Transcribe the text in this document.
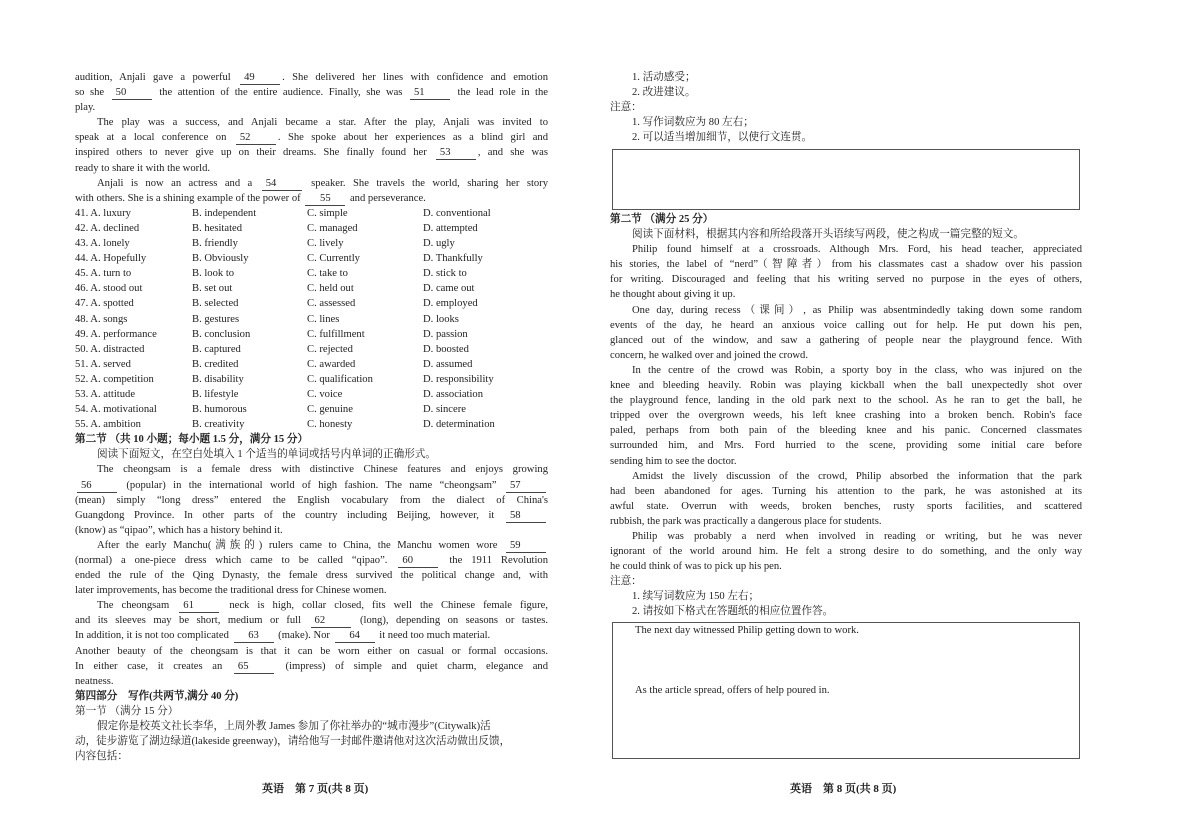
audition, Anjali gave a powerful 49	. She delivered her lines with confidence and emotion
so she 50	the attention of the entire audience. Finally, she was 51	the lead role in the
play.
The play was a success, and Anjali became a star. After the play, Anjali was invited to
speak at a local conference on 52	. She spoke about her experiences as a blind girl and
inspired others to never give up on their dreams. She finally found her 53	, and she was
ready to share it with the world.
Anjali is now an actress and a 54	speaker. She travels the world, sharing her story
with others. She is a shining example of the power of 55 and perseverance.
41. A. luxury	B. independent	C. simple	D. conventional
42. A. declined	B. hesitated	C. managed	D. attempted
43. A. lonely	B. friendly	C. lively	D. ugly
44. A. Hopefully	B. Obviously	C. Currently	D. Thankfully
45. A. turn to	B. look to	C. take to	D. stick to
46. A. stood out	B. set out	C. held out	D. came out
47. A. spotted	B. selected	C. assessed	D. employed
48. A. songs	B. gestures	C. lines	D. looks
49. A. performance	B. conclusion	C. fulfillment	D. passion
50. A. distracted	B. captured	C. rejected	D. boosted
51. A. served	B. credited	C. awarded	D. assumed
52. A. competition	B. disability	C. qualification	D. responsibility
53. A. attitude	B. lifestyle	C. voice	D. association
54. A. motivational	B. humorous	C. genuine	D. sincere
55. A. ambition	B. creativity	C. honesty	D. determination
第二节 （共 10 小题；每小题 1.5 分，满分 15 分）
阅读下面短文，在空白处填入 1 个适当的单词或括号内单词的正确形式。
The cheongsam is a female dress with distinctive Chinese features and enjoys growing
56	(popular) in the international world of high fashion. The name “cheongsam” 57
(mean) simply “long dress” entered the English vocabulary from the dialect of China's
Guangdong Province. In other parts of the country including Beijing, however, it 58
(know) as “qipao”, which has a history behind it.
After the early Manchu(满族的) rulers came to China, the Manchu women wore 59
(normal) a one-piece dress which came to be called “qipao”. 60	the 1911 Revolution
ended the rule of the Qing Dynasty, the female dress survived the political change and, with
later improvements, has become the traditional dress for Chinese women.
The cheongsam 61	neck is high, collar closed, fits well the Chinese female figure,
and its sleeves may be short, medium or full 62	(long), depending on seasons or tastes.
In addition, it is not too complicated 63 (make). Nor 64 it need too much material.
Another beauty of the cheongsam is that it can be worn either on casual or formal occasions.
In either case, it creates an 65	(impress) of simple and quiet charm, elegance and
neatness.
第四部分　写作(共两节,满分 40 分)
第一节 （满分 15 分）
假定你是校英文社长李华，上周外教 James 参加了你社举办的“城市漫步”(Citywalk)活
动，徒步游览了湖边绿道(lakeside greenway)，请给他写一封邮件邀请他对这次活动做出反馈，
内容包括：
英语　第 7 页(共 8 页)
1. 活动感受；
2. 改进建议。
注意：
1. 写作词数应为 80 左右；
2. 可以适当增加细节，以使行文连贯。
第二节 （满分 25 分）
阅读下面材料，根据其内容和所给段落开头语续写两段，使之构成一篇完整的短文。
Philip found himself at a crossroads. Although Mrs. Ford, his head teacher, appreciated
his stories, the label of “nerd”（智障者）from his classmates cast a shadow over his passion
for writing. Discouraged and feeling that his writing served no purpose in the eyes of others,
he thought about giving it up.
One day, during recess（课间）, as Philip was absentmindedly taking down some random
events of the day, he heard an anxious voice calling out for help. He put down his pen,
glanced out of the window, and saw a gathering of people near the playground fence. With
concern, he walked over and joined the crowd.
In the centre of the crowd was Robin, a sporty boy in the class, who was injured on the
knee and bleeding heavily. Robin was playing kickball when the ball unexpectedly shot over
the playground fence, landing in the old park next to the school. As he ran to get the ball, he
tripped over the overgrown weeds, his left knee crashing into a broken bench. Robin's face
paled, perhaps from both pain of the bleeding knee and his panic. Concerned classmates
surrounded him, and Mrs. Ford hurried to the scene, providing some initial care before
sending him to see the doctor.
Amidst the lively discussion of the crowd, Philip absorbed the information that the park
had been abandoned for ages. Turning his attention to the park, he was astonished at its
awful state. Overrun with weeds, broken benches, rusty sports facilities, and scattered
rubbish, the park was practically a dangerous place for students.
Philip was probably a nerd when involved in reading or writing, but he was never
ignorant of the world around him. He felt a strong desire to do something, and the only way
he could think of was to pick up his pen.
注意：
1. 续写词数应为 150 左右；
2. 请按如下格式在答题纸的相应位置作答。
The next day witnessed Philip getting down to work.
As the article spread, offers of help poured in.
英语　第 8 页(共 8 页)
